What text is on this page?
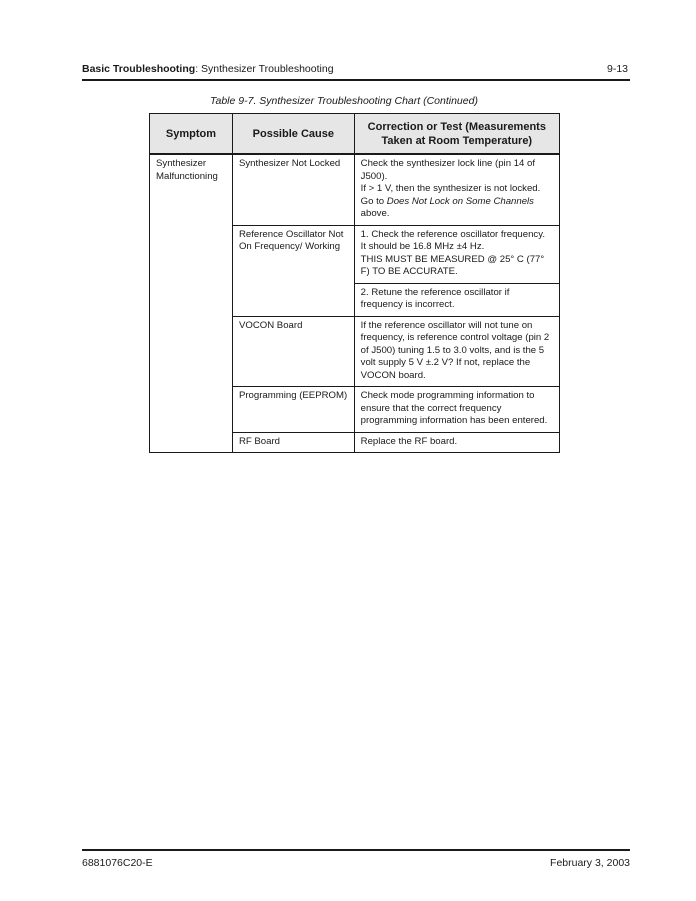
Basic Troubleshooting: Synthesizer Troubleshooting	9-13
Table 9-7. Synthesizer Troubleshooting Chart (Continued)
Symptom	Possible Cause	Correction or Test (Measurements Taken at Room Temperature)
Synthesizer Malfunctioning	Synthesizer Not Locked	Check the synthesizer lock line (pin 14 of J500).
If > 1 V, then the synthesizer is not locked.
Go to Does Not Lock on Some Channels above.

	Reference Oscillator Not On Frequency/ Working	1. Check the reference oscillator frequency.
It should be 16.8 MHz ±4 Hz.
THIS MUST BE MEASURED @ 25° C (77° F) TO BE ACCURATE.

		2. Retune the reference oscillator if frequency is incorrect.
	VOCON Board	If the reference oscillator will not tune on frequency, is reference control voltage (pin 2 of J500) tuning 1.5 to 3.0 volts, and is the 5 volt supply 5 V ±.2 V? If not, replace the VOCON board.
	Programming (EEPROM)	Check mode programming information to ensure that the correct frequency programming information has been entered.
	RF Board	Replace the RF board.
6881076C20-E	February 3, 2003
